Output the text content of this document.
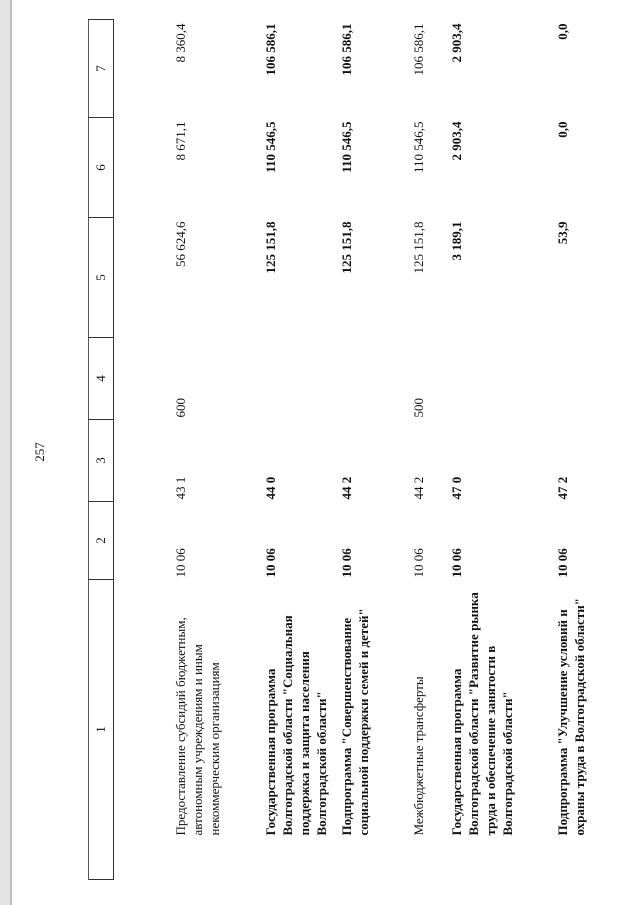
257
1	2	3	4	5	6	7
Предоставление субсидий бюджетным, автономным учреждениям и иным некоммерческим организациям	10 06	43 1	600	56 624,6	8 671,1	8 360,4
Государственная программа Волгоградской области "Социальная поддержка и защита населения Волгоградской области"	10 06	44 0		125 151,8	110 546,5	106 586,1
Подпрограмма "Совершенствование социальной поддержки семей и детей"	10 06	44 2		125 151,8	110 546,5	106 586,1
Межбюджетные трансферты	10 06	44 2	500	125 151,8	110 546,5	106 586,1
Государственная программа Волгоградской области "Развитие рынка труда и обеспечение занятости в Волгоградской области"	10 06	47 0		3 189,1	2 903,4	2 903,4
Подпрограмма "Улучшение условий и охраны труда в Волгоградской области"	10 06	47 2		53,9	0,0	0,0
